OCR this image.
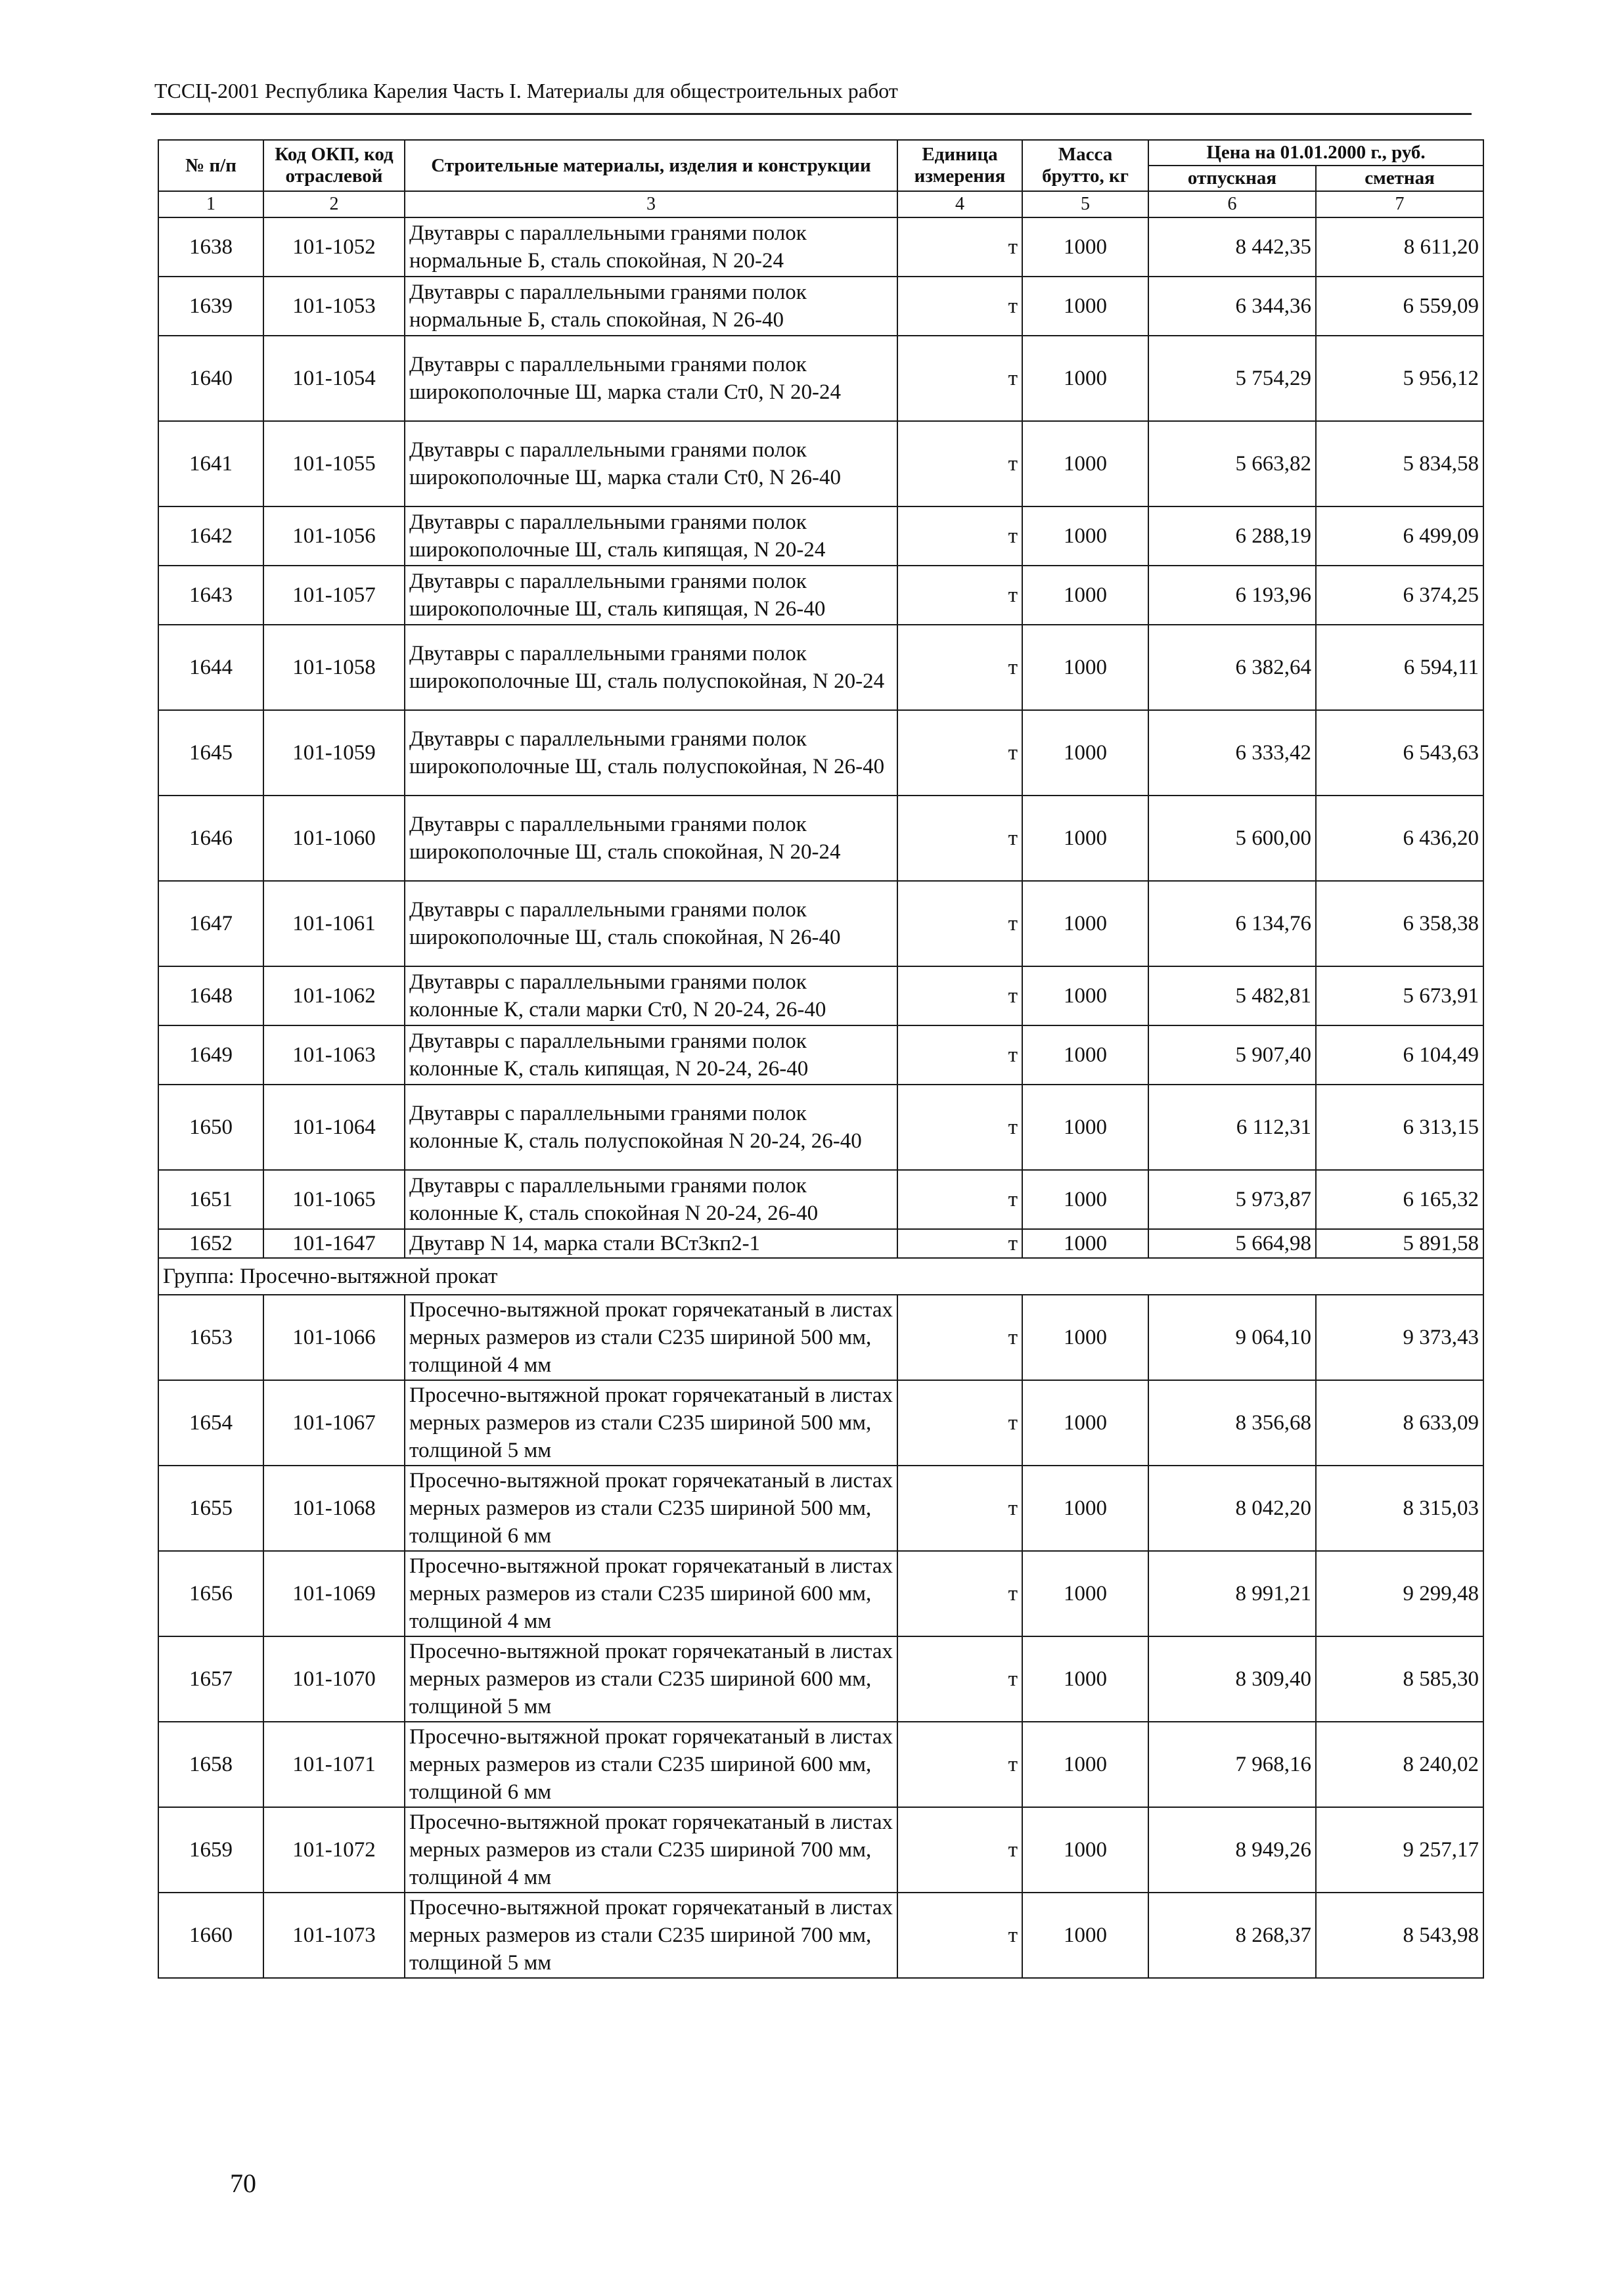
ТССЦ-2001 Республика Карелия Часть I. Материалы для общестроительных работ
№ п/п	Код ОКП, код отраслевой	Строительные материалы, изделия и конструкции	Единица измерения	Масса брутто, кг	Цена на 01.01.2000 г., руб.	
					отпускная	сметная
1	2	3	4	5	6	7
1638	101-1052	Двутавры с параллельными гранями полок нормальные Б, сталь спокойная, N 20-24	т	1000	8 442,35	8 611,20
1639	101-1053	Двутавры с параллельными гранями полок нормальные Б, сталь спокойная, N 26-40	т	1000	6 344,36	6 559,09
1640	101-1054	Двутавры с параллельными гранями полок широкополочные Ш, марка стали Ст0, N 20-24	т	1000	5 754,29	5 956,12
1641	101-1055	Двутавры с параллельными гранями полок широкополочные Ш, марка стали Ст0, N 26-40	т	1000	5 663,82	5 834,58
1642	101-1056	Двутавры с параллельными гранями полок широкополочные Ш, сталь кипящая, N 20-24	т	1000	6 288,19	6 499,09
1643	101-1057	Двутавры с параллельными гранями полок широкополочные Ш, сталь кипящая, N 26-40	т	1000	6 193,96	6 374,25
1644	101-1058	Двутавры с параллельными гранями полок широкополочные Ш, сталь полуспокойная, N 20-24	т	1000	6 382,64	6 594,11
1645	101-1059	Двутавры с параллельными гранями полок широкополочные Ш, сталь полуспокойная, N 26-40	т	1000	6 333,42	6 543,63
1646	101-1060	Двутавры с параллельными гранями полок широкополочные Ш, сталь спокойная, N 20-24	т	1000	5 600,00	6 436,20
1647	101-1061	Двутавры с параллельными гранями полок широкополочные Ш, сталь спокойная, N 26-40	т	1000	6 134,76	6 358,38
1648	101-1062	Двутавры с параллельными гранями полок колонные К, стали марки Ст0, N 20-24, 26-40	т	1000	5 482,81	5 673,91
1649	101-1063	Двутавры с параллельными гранями полок колонные К, сталь кипящая, N 20-24, 26-40	т	1000	5 907,40	6 104,49
1650	101-1064	Двутавры с параллельными гранями полок колонные К, сталь полуспокойная N 20-24, 26-40	т	1000	6 112,31	6 313,15
1651	101-1065	Двутавры с параллельными гранями полок колонные К, сталь спокойная N 20-24, 26-40	т	1000	5 973,87	6 165,32
1652	101-1647	Двутавр N 14, марка стали ВСт3кп2-1	т	1000	5 664,98	5 891,58
Группа: Просечно-вытяжной прокат						
1653	101-1066	Просечно-вытяжной прокат горячекатаный в листах мерных размеров из стали С235 шириной 500 мм, толщиной 4 мм	т	1000	9 064,10	9 373,43
1654	101-1067	Просечно-вытяжной прокат горячекатаный в листах мерных размеров из стали С235 шириной 500 мм, толщиной 5 мм	т	1000	8 356,68	8 633,09
1655	101-1068	Просечно-вытяжной прокат горячекатаный в листах мерных размеров из стали С235 шириной 500 мм, толщиной 6 мм	т	1000	8 042,20	8 315,03
1656	101-1069	Просечно-вытяжной прокат горячекатаный в листах мерных размеров из стали С235 шириной 600 мм, толщиной 4 мм	т	1000	8 991,21	9 299,48
1657	101-1070	Просечно-вытяжной прокат горячекатаный в листах мерных размеров из стали С235 шириной 600 мм, толщиной 5 мм	т	1000	8 309,40	8 585,30
1658	101-1071	Просечно-вытяжной прокат горячекатаный в листах мерных размеров из стали С235 шириной 600 мм, толщиной 6 мм	т	1000	7 968,16	8 240,02
1659	101-1072	Просечно-вытяжной прокат горячекатаный в листах мерных размеров из стали С235 шириной 700 мм, толщиной 4 мм	т	1000	8 949,26	9 257,17
1660	101-1073	Просечно-вытяжной прокат горячекатаный в листах мерных размеров из стали С235 шириной 700 мм, толщиной 5 мм	т	1000	8 268,37	8 543,98
70
